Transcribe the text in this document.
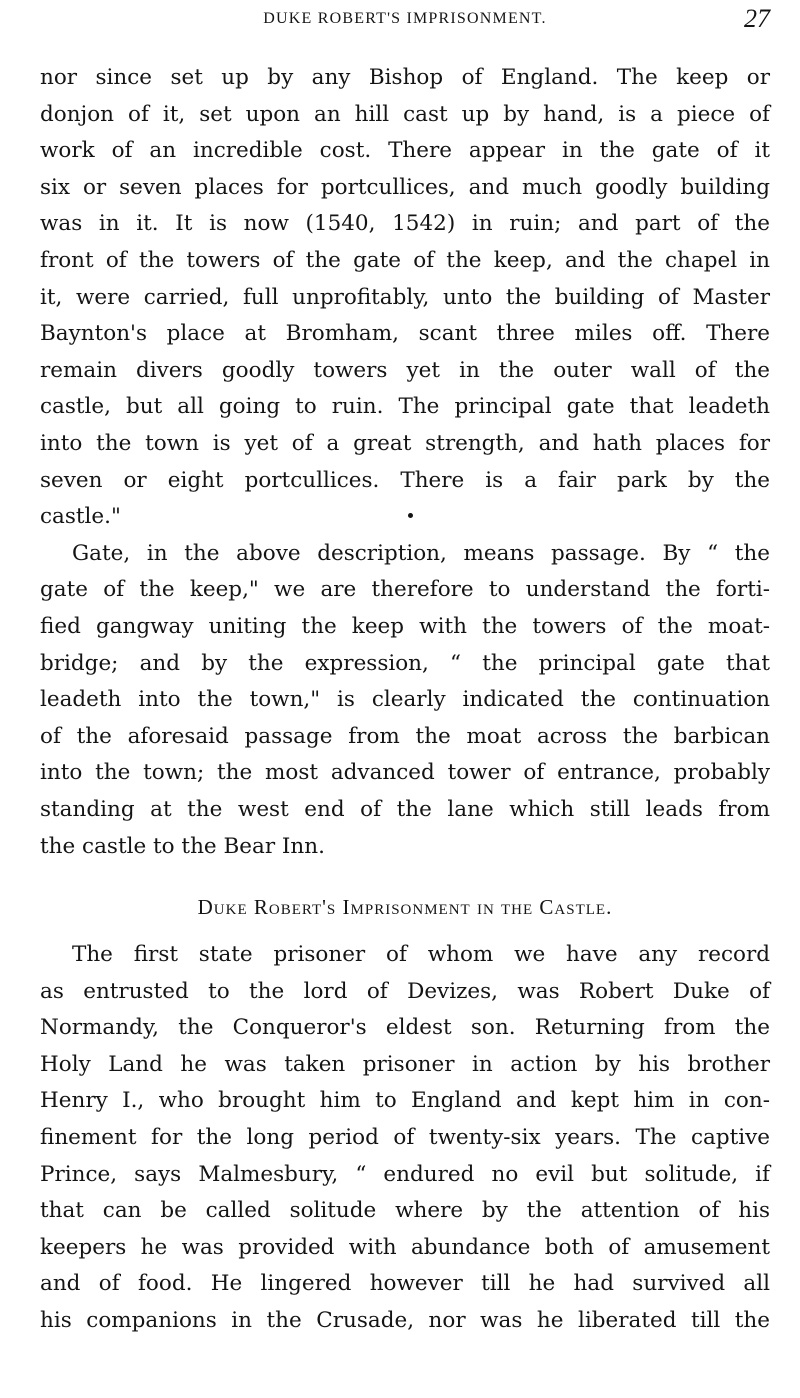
DUKE ROBERT'S IMPRISONMENT.	27
nor since set up by any Bishop of England. The keep or
donjon of it, set upon an hill cast up by hand, is a piece of
work of an incredible cost. There appear in the gate of it
six or seven places for portcullices, and much goodly building
was in it. It is now (1540, 1542) in ruin; and part of the
front of the towers of the gate of the keep, and the chapel in
it, were carried, full unprofitably, unto the building of Master
Baynton's place at Bromham, scant three miles off. There
remain divers goodly towers yet in the outer wall of the
castle, but all going to ruin. The principal gate that leadeth
into the town is yet of a great strength, and hath places for
seven or eight portcullices. There is a fair park by the
castle."
Gate, in the above description, means passage. By “ the
gate of the keep," we are therefore to understand the forti-
fied gangway uniting the keep with the towers of the moat-
bridge; and by the expression, “ the principal gate that
leadeth into the town," is clearly indicated the continuation
of the aforesaid passage from the moat across the barbican
into the town; the most advanced tower of entrance, probably
standing at the west end of the lane which still leads from
the castle to the Bear Inn.
Duke Robert's Imprisonment in the Castle.
The first state prisoner of whom we have any record
as entrusted to the lord of Devizes, was Robert Duke of
Normandy, the Conqueror's eldest son. Returning from the
Holy Land he was taken prisoner in action by his brother
Henry I., who brought him to England and kept him in con-
finement for the long period of twenty-six years. The captive
Prince, says Malmesbury, “ endured no evil but solitude, if
that can be called solitude where by the attention of his
keepers he was provided with abundance both of amusement
and of food. He lingered however till he had survived all
his companions in the Crusade, nor was he liberated till the
